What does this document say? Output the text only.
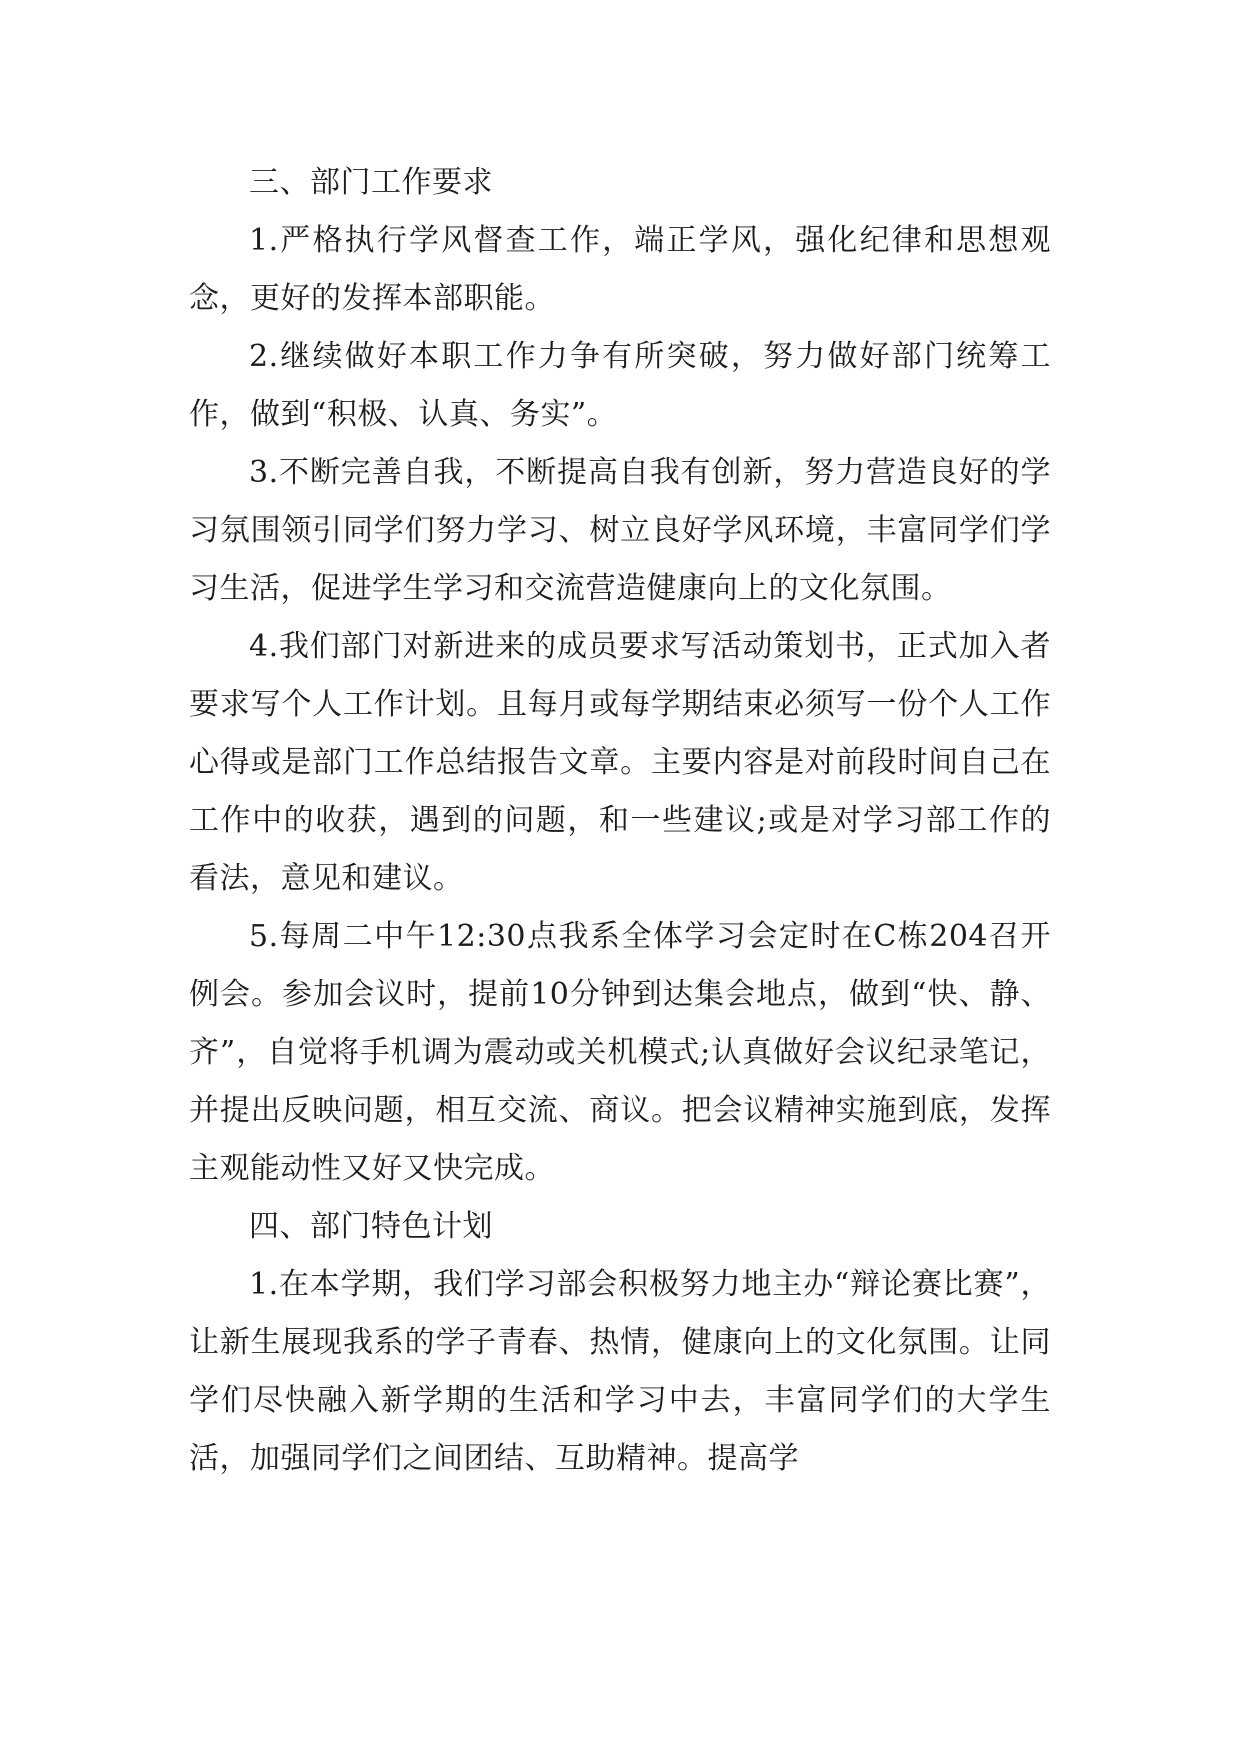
三、部门工作要求

1.严格执行学风督查工作，端正学风，强化纪律和思想观念，更好的发挥本部职能。

2.继续做好本职工作力争有所突破，努力做好部门统筹工作，做到“积极、认真、务实”。

3.不断完善自我，不断提高自我有创新，努力营造良好的学习氛围领引同学们努力学习、树立良好学风环境，丰富同学们学习生活，促进学生学习和交流营造健康向上的文化氛围。

4.我们部门对新进来的成员要求写活动策划书，正式加入者要求写个人工作计划。且每月或每学期结束必须写一份个人工作心得或是部门工作总结报告文章。主要内容是对前段时间自己在工作中的收获，遇到的问题，和一些建议;或是对学习部工作的看法，意见和建议。

5.每周二中午12:30点我系全体学习会定时在C栋204召开例会。参加会议时，提前10分钟到达集会地点，做到“快、静、齐”，自觉将手机调为震动或关机模式;认真做好会议纪录笔记，并提出反映问题，相互交流、商议。把会议精神实施到底，发挥主观能动性又好又快完成。

四、部门特色计划

1.在本学期，我们学习部会积极努力地主办“辩论赛比赛”，让新生展现我系的学子青春、热情，健康向上的文化氛围。让同学们尽快融入新学期的生活和学习中去，丰富同学们的大学生活，加强同学们之间团结、互助精神。提高学
